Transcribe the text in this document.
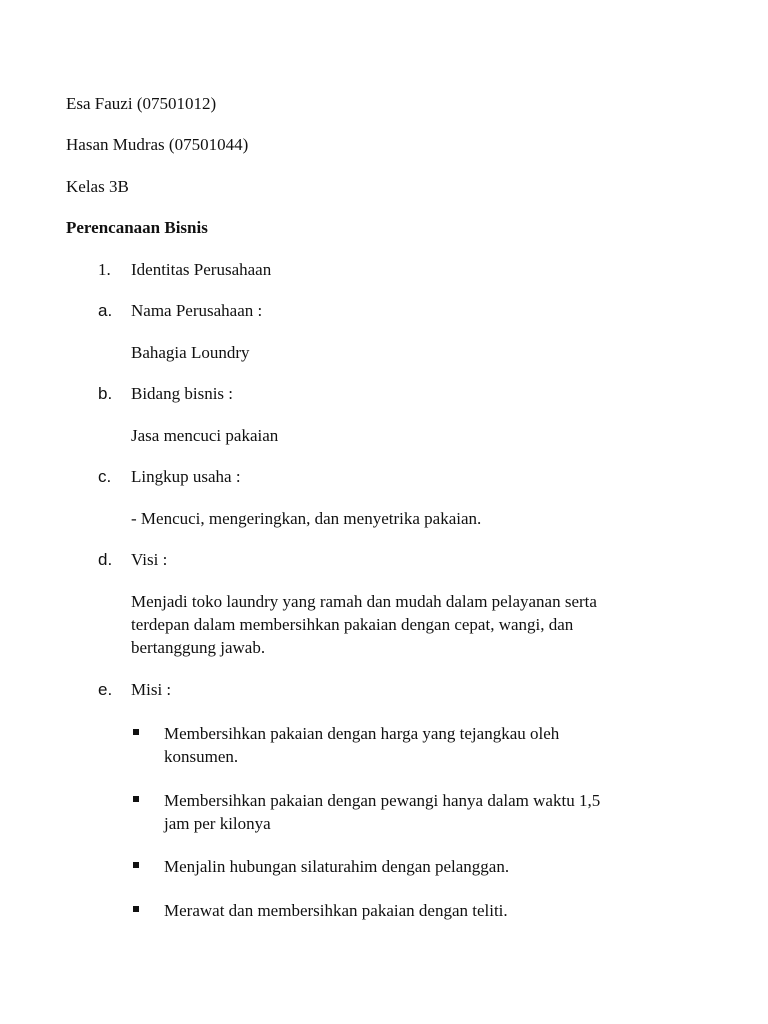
Esa Fauzi (07501012)
Hasan Mudras (07501044)
Kelas 3B
Perencanaan Bisnis
1. Identitas Perusahaan
a. Nama Perusahaan :
Bahagia Loundry
b. Bidang bisnis :
Jasa mencuci pakaian
c. Lingkup usaha :
- Mencuci, mengeringkan, dan menyetrika pakaian.
d. Visi :
Menjadi toko laundry yang ramah dan mudah dalam pelayanan serta
terdepan dalam membersihkan pakaian dengan cepat, wangi, dan
bertanggung jawab.
e. Misi :
Membersihkan pakaian dengan harga yang tejangkau oleh
konsumen.
Membersihkan pakaian dengan pewangi hanya dalam waktu 1,5
jam per kilonya
Menjalin hubungan silaturahim dengan pelanggan.
Merawat dan membersihkan pakaian dengan teliti.
